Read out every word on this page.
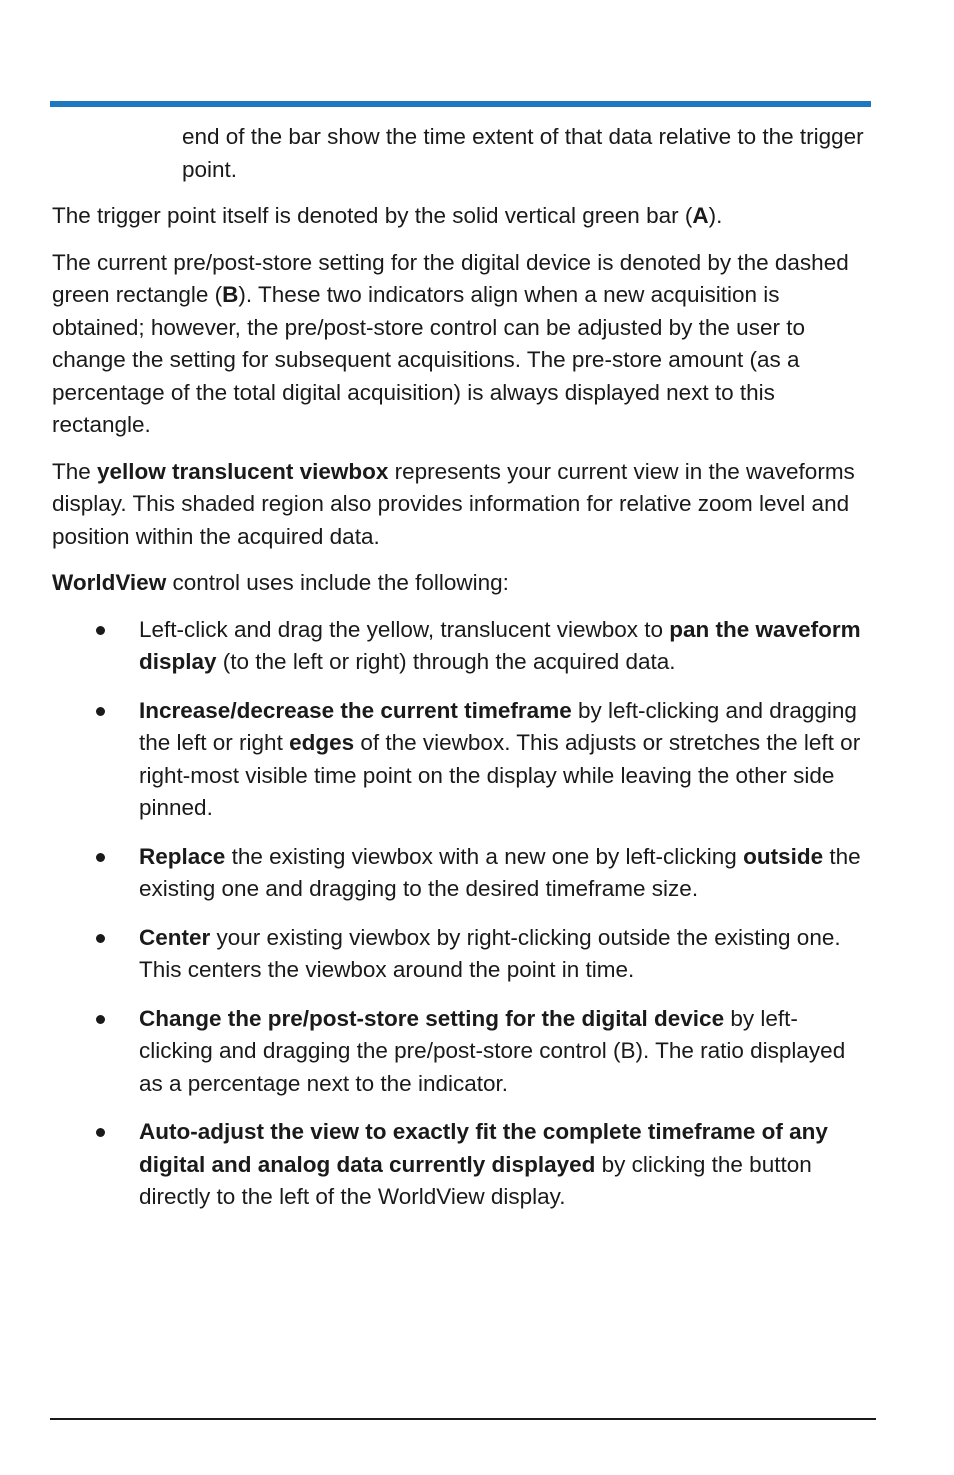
end of the bar show the time extent of that data relative to the trigger point.

The trigger point itself is denoted by the solid vertical green bar (A).

The current pre/post-store setting for the digital device is denoted by the dashed green rectangle (B). These two indicators align when a new acquisition is obtained; however, the pre/post-store control can be adjusted by the user to change the setting for subsequent acquisitions. The pre-store amount (as a percentage of the total digital acquisition) is always displayed next to this rectangle.

The yellow translucent viewbox represents your current view in the waveforms display. This shaded region also provides information for relative zoom level and position within the acquired data.

WorldView control uses include the following:

Left-click and drag the yellow, translucent viewbox to pan the waveform display (to the left or right) through the acquired data.
Increase/decrease the current timeframe by left-clicking and dragging the left or right edges of the viewbox. This adjusts or stretches the left or right-most visible time point on the display while leaving the other side pinned.
Replace the existing viewbox with a new one by left-clicking outside the existing one and dragging to the desired timeframe size.
Center your existing viewbox by right-clicking outside the existing one. This centers the viewbox around the point in time.
Change the pre/post-store setting for the digital device by left-clicking and dragging the pre/post-store control (B). The ratio displayed as a percentage next to the indicator.
Auto-adjust the view to exactly fit the complete timeframe of any digital and analog data currently displayed by clicking the button directly to the left of the WorldView display.
